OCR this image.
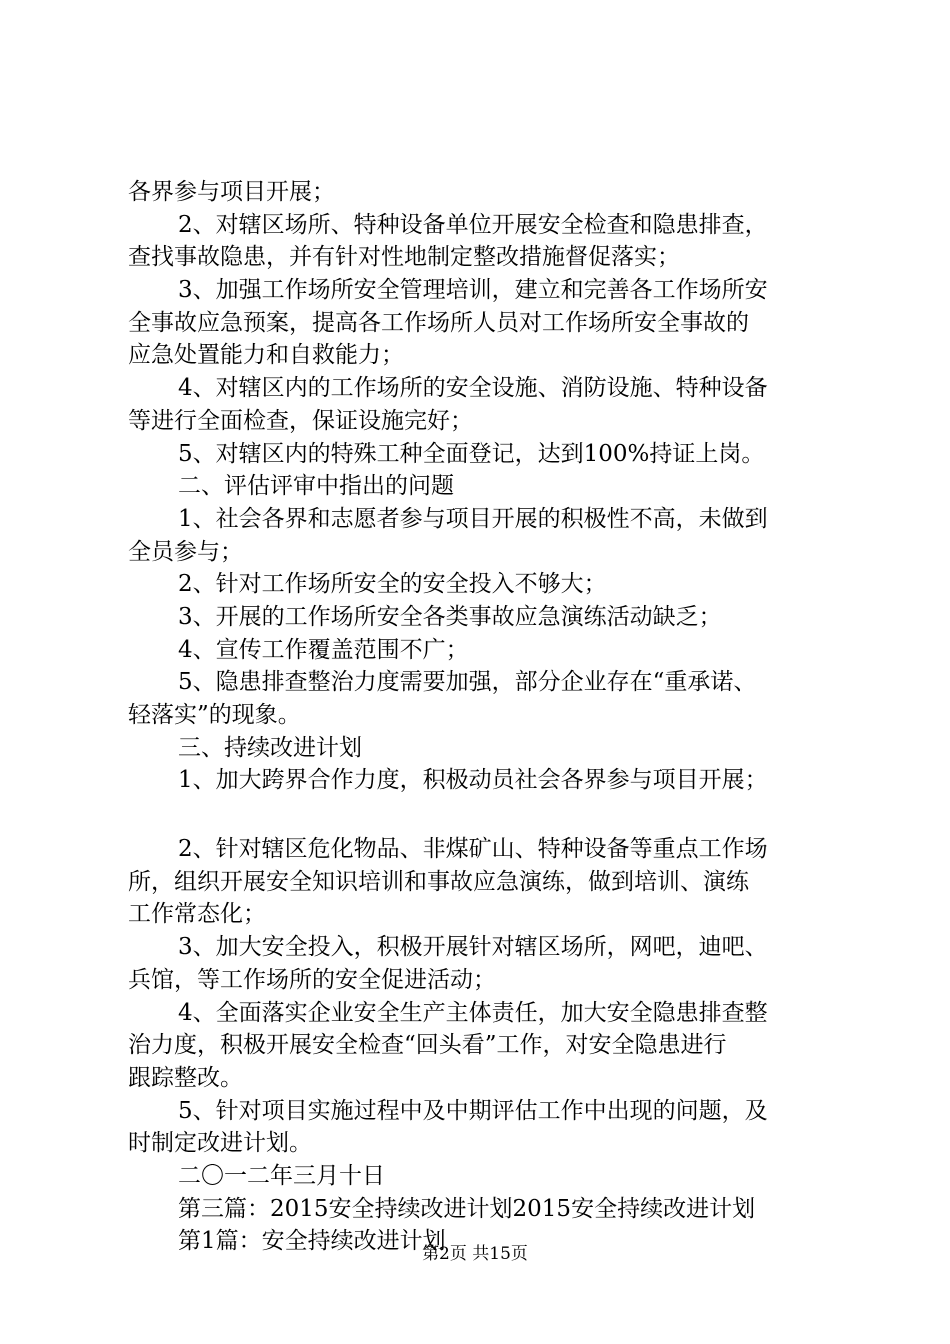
各界参与项目开展；
2、对辖区场所、特种设备单位开展安全检查和隐患排查，
查找事故隐患，并有针对性地制定整改措施督促落实；
3、加强工作场所安全管理培训，建立和完善各工作场所安
全事故应急预案，提高各工作场所人员对工作场所安全事故的
应急处置能力和自救能力；
4、对辖区内的工作场所的安全设施、消防设施、特种设备
等进行全面检查，保证设施完好；
5、对辖区内的特殊工种全面登记，达到100%持证上岗。
二、评估评审中指出的问题
1、社会各界和志愿者参与项目开展的积极性不高，未做到
全员参与；
2、针对工作场所安全的安全投入不够大；
3、开展的工作场所安全各类事故应急演练活动缺乏；
4、宣传工作覆盖范围不广；
5、隐患排查整治力度需要加强，部分企业存在“重承诺、
轻落实”的现象。
三、持续改进计划
1、加大跨界合作力度，积极动员社会各界参与项目开展；
2、针对辖区危化物品、非煤矿山、特种设备等重点工作场
所，组织开展安全知识培训和事故应急演练，做到培训、演练
工作常态化；
3、加大安全投入，积极开展针对辖区场所，网吧，迪吧、
兵馆，等工作场所的安全促进活动；
4、全面落实企业安全生产主体责任，加大安全隐患排查整
治力度，积极开展安全检查“回头看”工作，对安全隐患进行
跟踪整改。
5、针对项目实施过程中及中期评估工作中出现的问题，及
时制定改进计划。
二〇一二年三月十日
第三篇：2015安全持续改进计划2015安全持续改进计划
第1篇：安全持续改进计划
第2页 共15页
